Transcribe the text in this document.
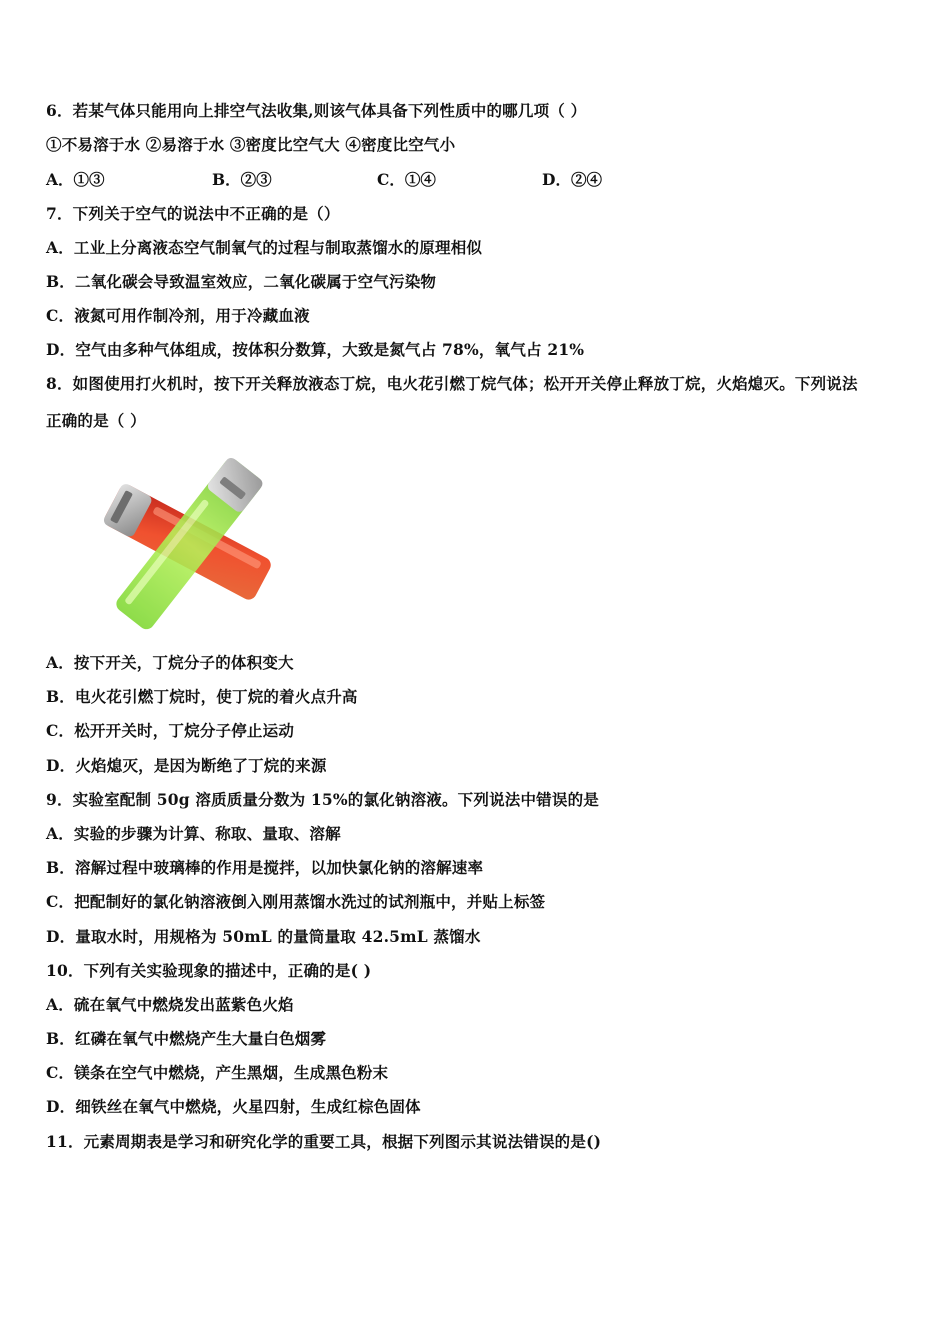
6．若某气体只能用向上排空气法收集,则该气体具备下列性质中的哪几项（ ）
①不易溶于水 ②易溶于水 ③密度比空气大 ④密度比空气小
A．①③	B．②③	C．①④	D．②④
7．下列关于空气的说法中不正确的是（）
A．工业上分离液态空气制氧气的过程与制取蒸馏水的原理相似
B．二氧化碳会导致温室效应，二氧化碳属于空气污染物
C．液氮可用作制冷剂，用于冷藏血液
D．空气由多种气体组成，按体积分数算，大致是氮气占 78%，氧气占 21%
8．如图使用打火机时，按下开关释放液态丁烷，电火花引燃丁烷气体；松开开关停止释放丁烷，火焰熄灭。下列说法
正确的是（ ）
A．按下开关，丁烷分子的体积变大
B．电火花引燃丁烷时，使丁烷的着火点升高
C．松开开关时，丁烷分子停止运动
D．火焰熄灭，是因为断绝了丁烷的来源
9．实验室配制 50g 溶质质量分数为 15%的氯化钠溶液。下列说法中错误的是
A．实验的步骤为计算、称取、量取、溶解
B．溶解过程中玻璃棒的作用是搅拌，以加快氯化钠的溶解速率
C．把配制好的氯化钠溶液倒入刚用蒸馏水洗过的试剂瓶中，并贴上标签
D．量取水时，用规格为 50mL 的量筒量取 42.5mL 蒸馏水
10．下列有关实验现象的描述中，正确的是( )
A．硫在氧气中燃烧发出蓝紫色火焰
B．红磷在氧气中燃烧产生大量白色烟雾
C．镁条在空气中燃烧，产生黑烟，生成黑色粉末
D．细铁丝在氧气中燃烧，火星四射，生成红棕色固体
11．元素周期表是学习和研究化学的重要工具，根据下列图示其说法错误的是()
